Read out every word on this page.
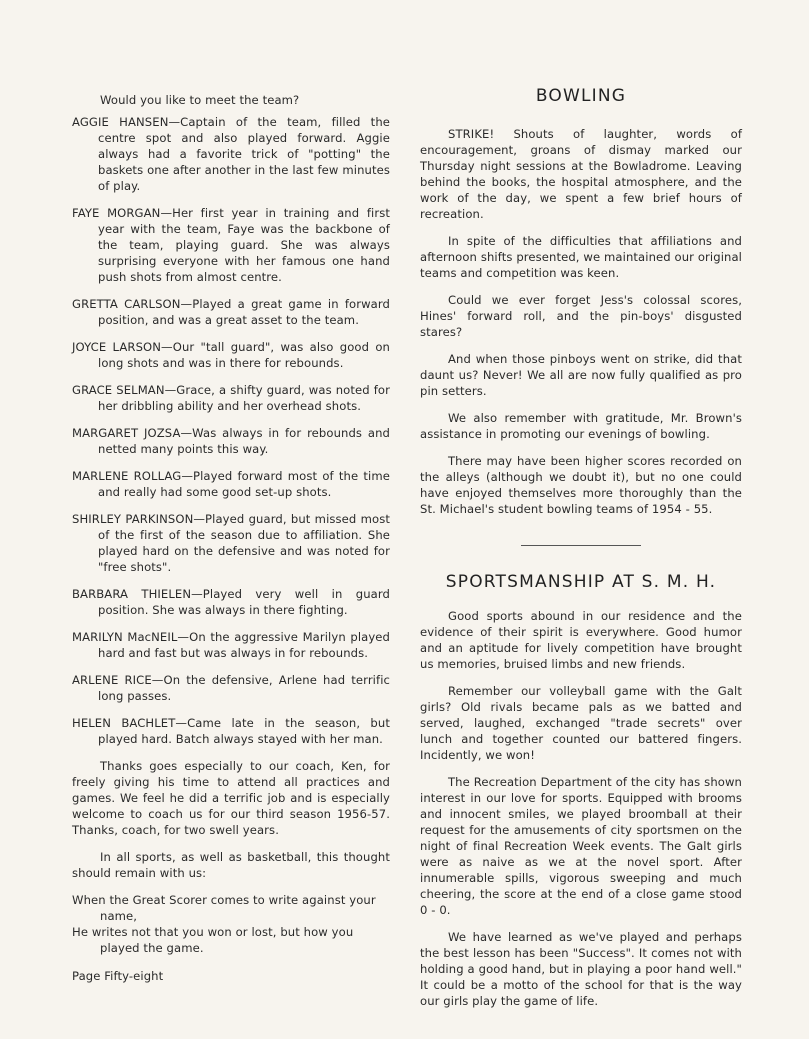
Would you like to meet the team?

AGGIE HANSEN—Captain of the team, filled the centre spot and also played forward. Aggie always had a favorite trick of "potting" the baskets one after another in the last few minutes of play.

FAYE MORGAN—Her first year in training and first year with the team, Faye was the backbone of the team, playing guard. She was always surprising everyone with her famous one hand push shots from almost centre.

GRETTA CARLSON—Played a great game in forward position, and was a great asset to the team.

JOYCE LARSON—Our "tall guard", was also good on long shots and was in there for rebounds.

GRACE SELMAN—Grace, a shifty guard, was noted for her dribbling ability and her overhead shots.

MARGARET JOZSA—Was always in for rebounds and netted many points this way.

MARLENE ROLLAG—Played forward most of the time and really had some good set-up shots.

SHIRLEY PARKINSON—Played guard, but missed most of the first of the season due to affiliation. She played hard on the defensive and was noted for "free shots".

BARBARA THIELEN—Played very well in guard position. She was always in there fighting.

MARILYN MacNEIL—On the aggressive Marilyn played hard and fast but was always in for rebounds.

ARLENE RICE—On the defensive, Arlene had terrific long passes.

HELEN BACHLET—Came late in the season, but played hard. Batch always stayed with her man.

Thanks goes especially to our coach, Ken, for freely giving his time to attend all practices and games. We feel he did a terrific job and is especially welcome to coach us for our third season 1956-57. Thanks, coach, for two swell years.

In all sports, as well as basketball, this thought should remain with us:

When the Great Scorer comes to write against your name,

He writes not that you won or lost, but how you played the game.

Page Fifty-eight

BOWLING

STRIKE! Shouts of laughter, words of encouragement, groans of dismay marked our Thursday night sessions at the Bowladrome. Leaving behind the books, the hospital atmosphere, and the work of the day, we spent a few brief hours of recreation.

In spite of the difficulties that affiliations and afternoon shifts presented, we maintained our original teams and competition was keen.

Could we ever forget Jess's colossal scores, Hines' forward roll, and the pin-boys' disgusted stares?

And when those pinboys went on strike, did that daunt us? Never! We all are now fully qualified as pro pin setters.

We also remember with gratitude, Mr. Brown's assistance in promoting our evenings of bowling.

There may have been higher scores recorded on the alleys (although we doubt it), but no one could have enjoyed themselves more thoroughly than the St. Michael's student bowling teams of 1954 - 55.

SPORTSMANSHIP AT S. M. H.

Good sports abound in our residence and the evidence of their spirit is everywhere. Good humor and an aptitude for lively competition have brought us memories, bruised limbs and new friends.

Remember our volleyball game with the Galt girls? Old rivals became pals as we batted and served, laughed, exchanged "trade secrets" over lunch and together counted our battered fingers. Incidently, we won!

The Recreation Department of the city has shown interest in our love for sports. Equipped with brooms and innocent smiles, we played broomball at their request for the amusements of city sportsmen on the night of final Recreation Week events. The Galt girls were as naive as we at the novel sport. After innumerable spills, vigorous sweeping and much cheering, the score at the end of a close game stood 0 - 0.

We have learned as we've played and perhaps the best lesson has been "Success". It comes not with holding a good hand, but in playing a poor hand well." It could be a motto of the school for that is the way our girls play the game of life.
